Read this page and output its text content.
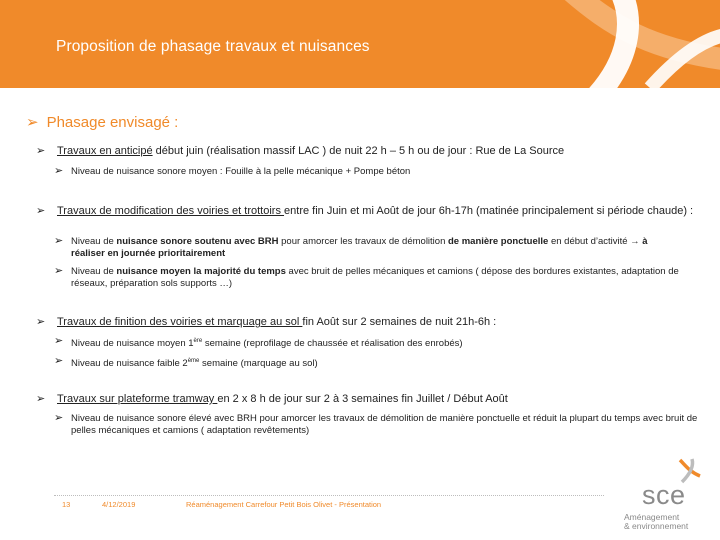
Proposition de phasage travaux et nuisances
➢ Phasage envisagé :
➢ Travaux en anticipé début juin (réalisation massif LAC ) de nuit 22 h – 5 h ou de jour : Rue de La Source
➢ Niveau de nuisance sonore moyen : Fouille à la pelle mécanique + Pompe béton
➢ Travaux de modification des voiries et trottoirs entre fin Juin et mi Août de jour 6h-17h (matinée principalement si période chaude) :
➢ Niveau de nuisance sonore soutenu avec BRH pour amorcer les travaux de démolition de manière ponctuelle en début d’activité → à réaliser en journée prioritairement
➢ Niveau de nuisance moyen la majorité du temps avec bruit de pelles mécaniques et camions ( dépose des bordures existantes, adaptation de réseaux, préparation sols supports …)
➢ Travaux de finition des voiries et marquage au sol fin Août sur 2 semaines de nuit 21h-6h :
➢ Niveau de nuisance moyen 1ère semaine (reprofilage de chaussée et réalisation des enrobés)
➢ Niveau de nuisance faible 2ème semaine (marquage au sol)
➢ Travaux sur plateforme tramway en 2 x 8 h de jour sur 2 à 3 semaines fin Juillet / Début Août
➢ Niveau de nuisance sonore élevé avec BRH pour amorcer les travaux de démolition de manière ponctuelle et réduit la plupart du temps avec bruit de pelles mécaniques et camions ( adaptation revêtements)
13	4/12/2019	Réaménagement Carrefour Petit Bois Olivet - Présentation	sce
Aménagement
& environnement
